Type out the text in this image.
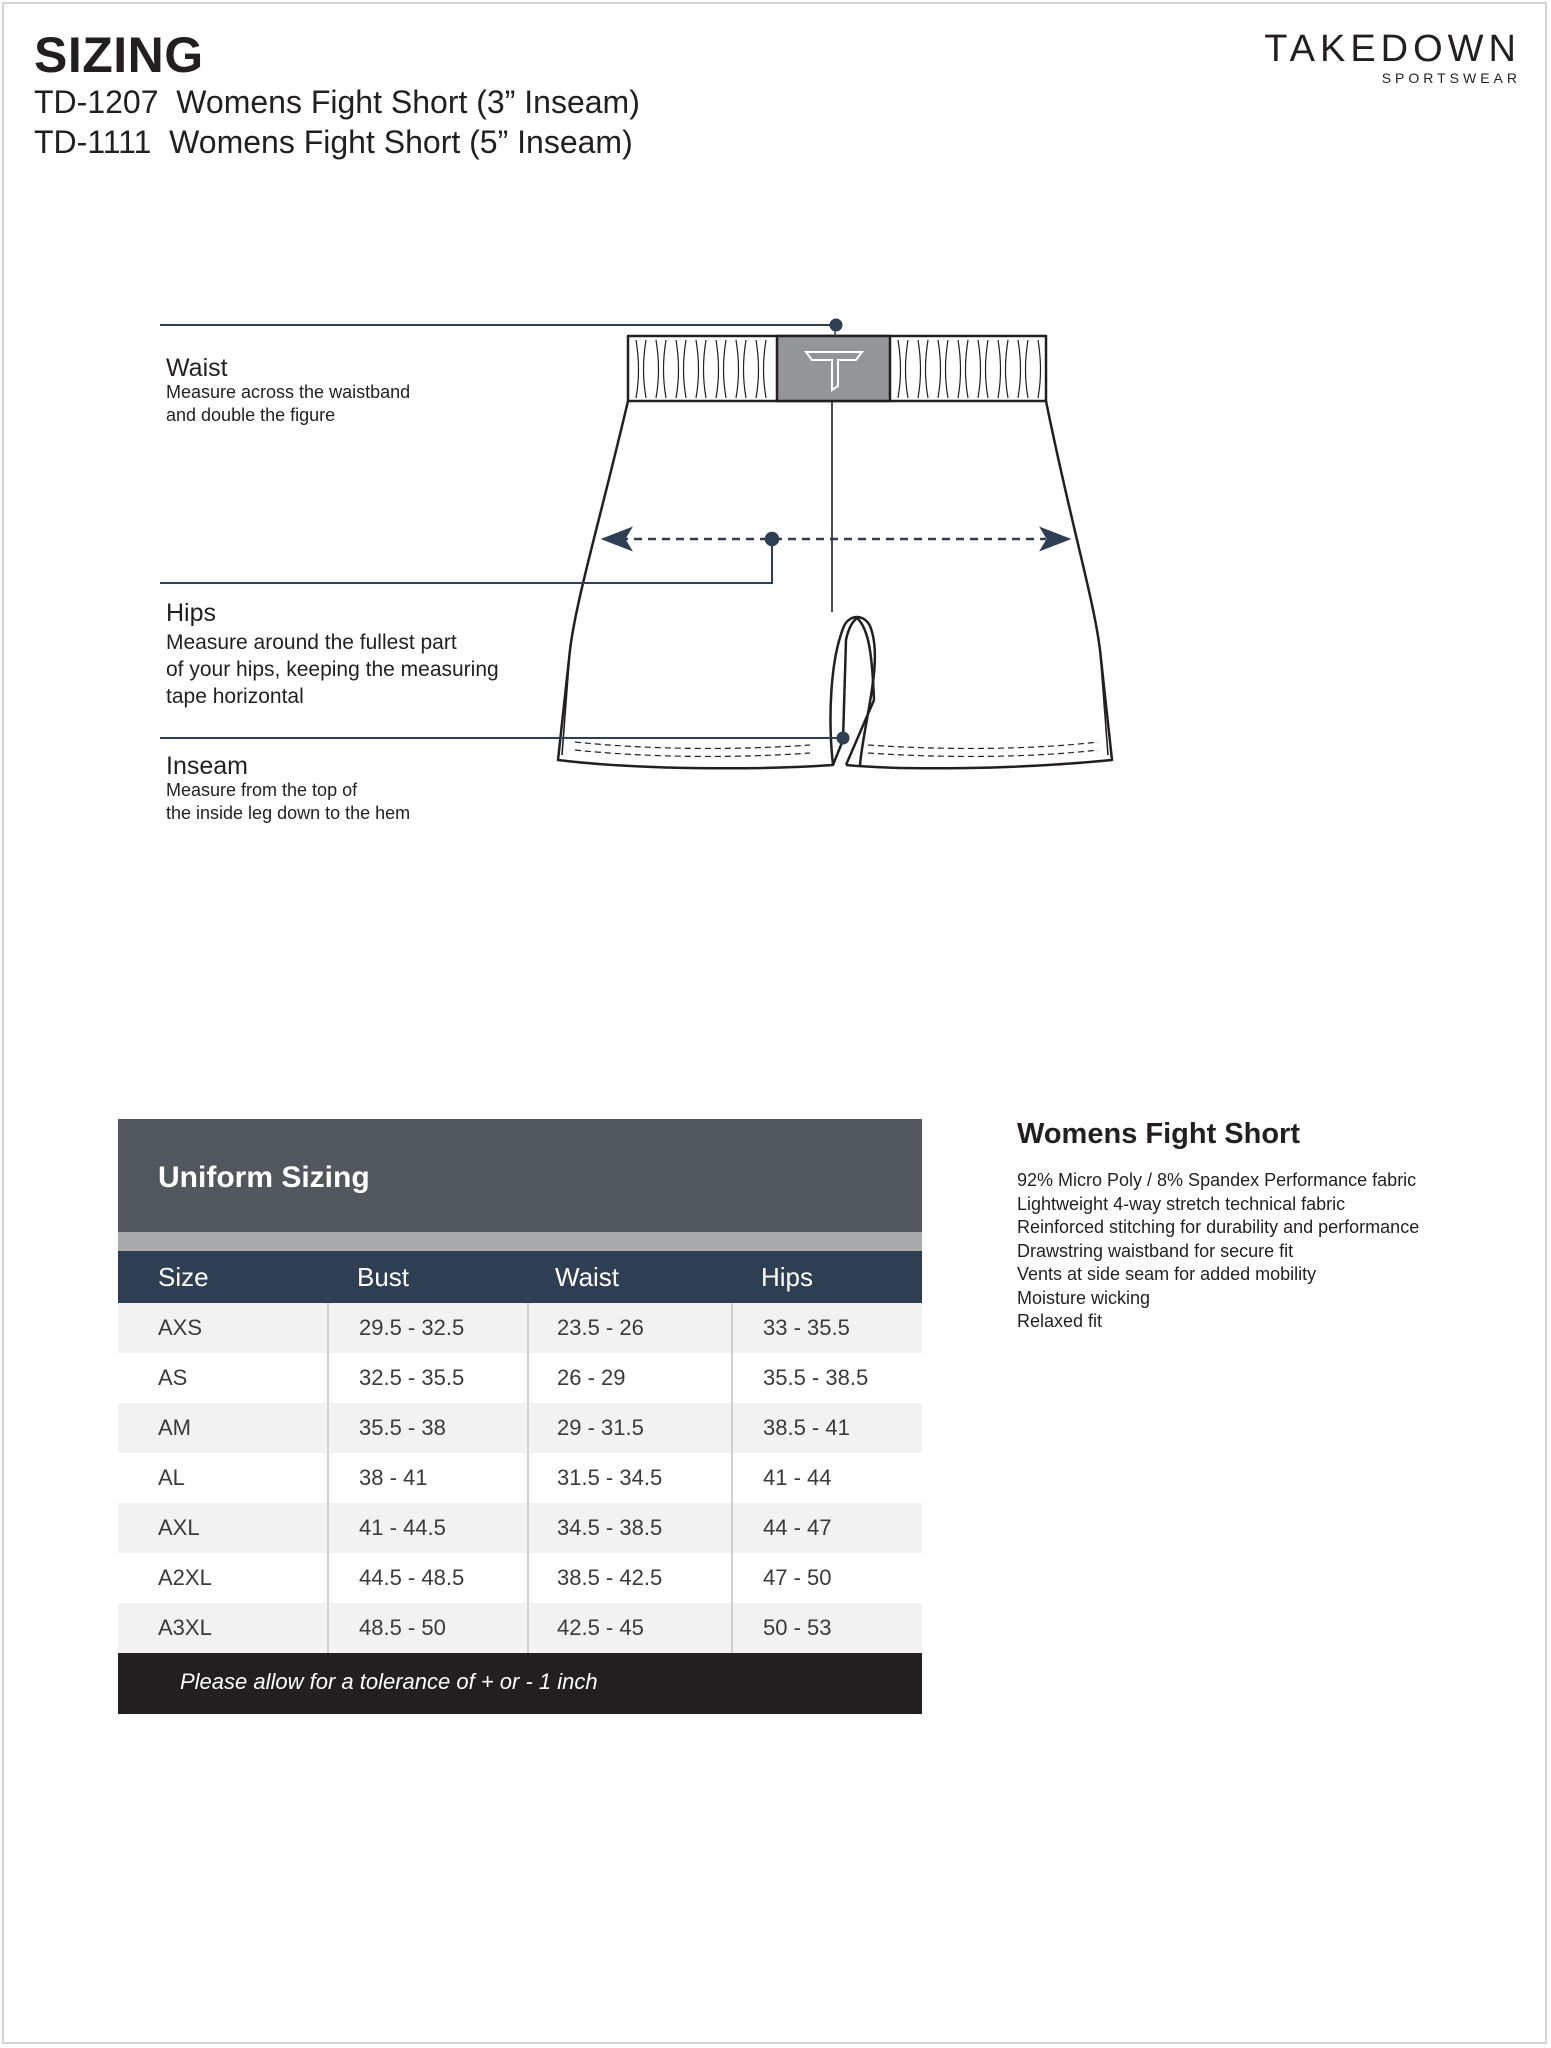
SIZING
TD-1207  Womens Fight Short (3” Inseam)
TD-1111  Womens Fight Short (5” Inseam)
TAKEDOWN
SPORTSWEAR
Waist
Measure across the waistband
and double the figure
Hips
Measure around the fullest part
of your hips, keeping the measuring
tape horizontal
Inseam
Measure from the top of
the inside leg down to the hem
Uniform Sizing
Size	Bust	Waist	Hips
AXS	29.5 - 32.5	23.5 - 26	33 - 35.5
AS	32.5 - 35.5	26 - 29	35.5 - 38.5
AM	35.5 - 38	29 - 31.5	38.5 - 41
AL	38 - 41	31.5 - 34.5	41 - 44
AXL	41 - 44.5	34.5 - 38.5	44 - 47
A2XL	44.5 - 48.5	38.5 - 42.5	47 - 50
A3XL	48.5 - 50	42.5 - 45	50 - 53
Please allow for a tolerance of + or - 1 inch
Womens Fight Short
92% Micro Poly / 8% Spandex Performance fabric
Lightweight 4-way stretch technical fabric
Reinforced stitching for durability and performance
Drawstring waistband for secure fit
Vents at side seam for added mobility
Moisture wicking
Relaxed fit
